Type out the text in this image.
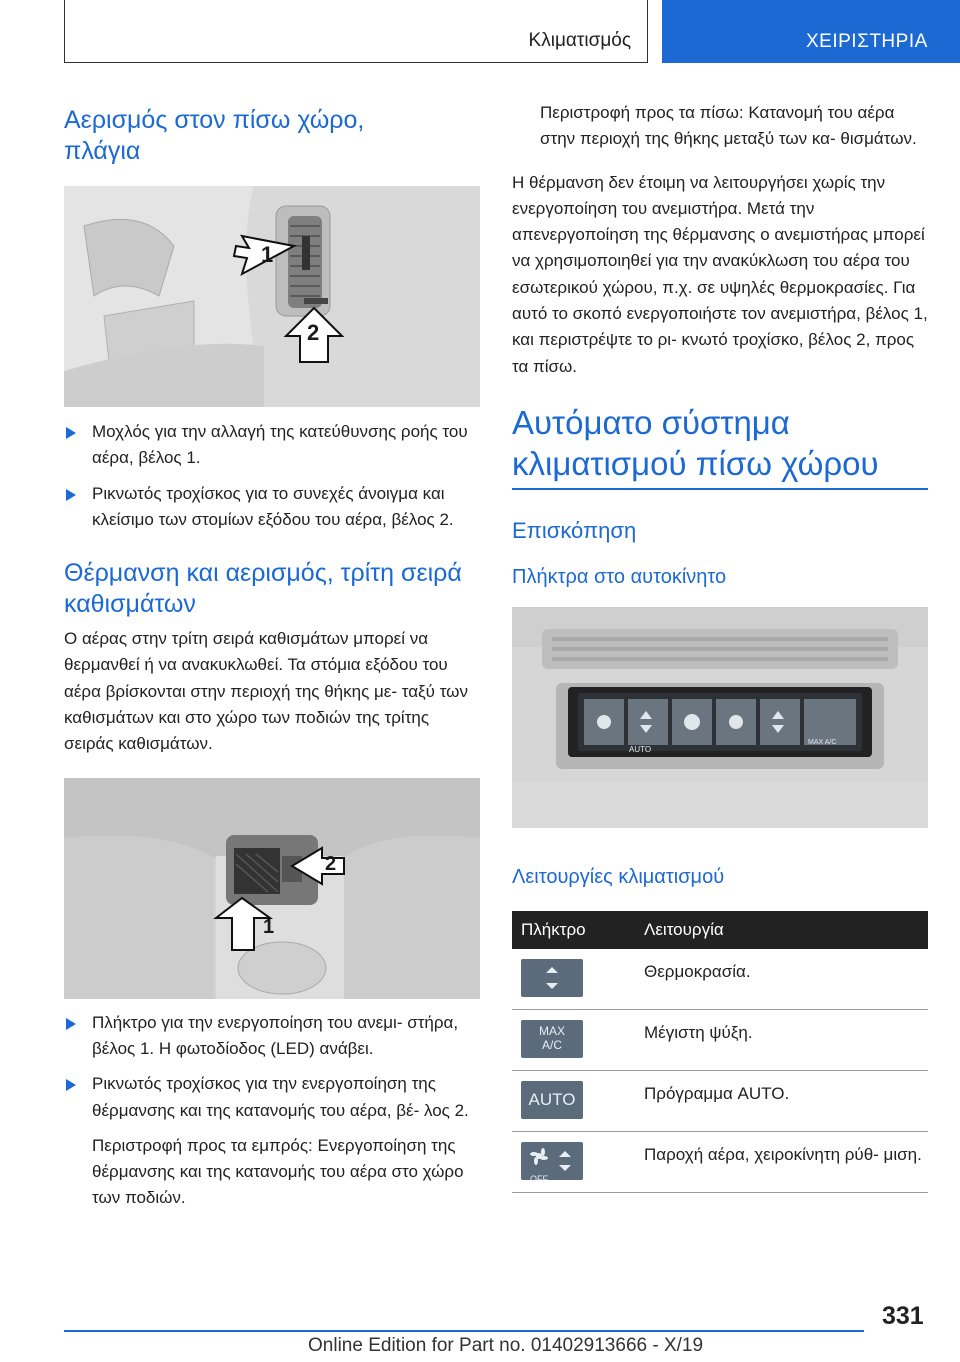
Κλιματισμός	ΧΕΙΡΙΣΤΗΡΙΑ
Αερισμός στον πίσω χώρο, πλάγια
1
2
Μοχλός για την αλλαγή της κατεύθυνσης ροής του αέρα, βέλος 1.
Ρικνωτός τροχίσκος για το συνεχές άνοιγμα και κλείσιμο των στομίων εξόδου του αέρα, βέλος 2.
Θέρμανση και αερισμός, τρίτη σειρά καθισμάτων

Ο αέρας στην τρίτη σειρά καθισμάτων μπορεί να θερμανθεί ή να ανακυκλωθεί. Τα στόμια εξόδου του αέρα βρίσκονται στην περιοχή της θήκης με- ταξύ των καθισμάτων και στο χώρο των ποδιών της τρίτης σειράς καθισμάτων.

2
1
Πλήκτρο για την ενεργοποίηση του ανεμι- στήρα, βέλος 1. Η φωτοδίοδος (LED) ανάβει.
Ρικνωτός τροχίσκος για την ενεργοποίηση της θέρμανσης και της κατανομής του αέρα, βέ- λος 2.

Περιστροφή προς τα εμπρός: Ενεργοποίηση της θέρμανσης και της κατανομής του αέρα στο χώρο των ποδιών.

Περιστροφή προς τα πίσω: Κατανομή του αέρα στην περιοχή της θήκης μεταξύ των κα- θισμάτων.

Η θέρμανση δεν έτοιμη να λειτουργήσει χωρίς την ενεργοποίηση του ανεμιστήρα. Μετά την απενεργοποίηση της θέρμανσης ο ανεμιστήρας μπορεί να χρησιμοποιηθεί για την ανακύκλωση του αέρα του εσωτερικού χώρου, π.χ. σε υψηλές θερμοκρασίες. Για αυτό το σκοπό ενεργοποιήστε τον ανεμιστήρα, βέλος 1, και περιστρέψτε το ρι- κνωτό τροχίσκο, βέλος 2, προς τα πίσω.

Αυτόματο σύστημα κλιματισμού πίσω χώρου
Επισκόπηση
Πλήκτρα στο αυτοκίνητο
AUTO
MAX A/C
Λειτουργίες κλιματισμού
Πλήκτρο	Λειτουργία

	Θερμοκρασία.

MAX
A/C	Μέγιστη ψύξη.

AUTO	Πρόγραμμα AUTO.

OFF	Παροχή αέρα, χειροκίνητη ρύθ- μιση.
331
Online Edition for Part no. 01402913666 - X/19
